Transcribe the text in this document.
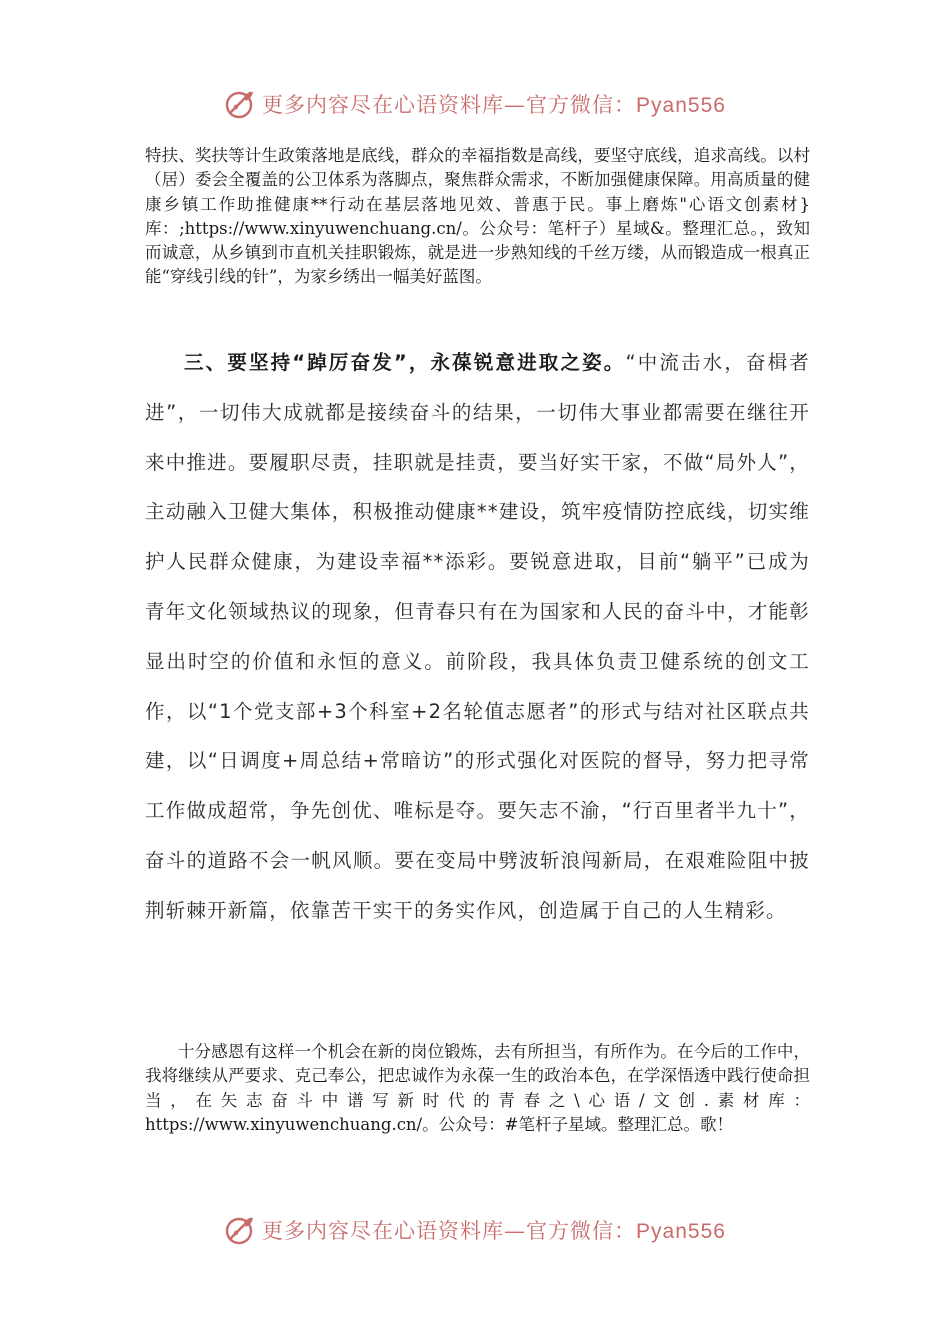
更多内容尽在心语资料库—官方微信：Pyan556

特扶、奖扶等计生政策落地是底线，群众的幸福指数是高线，要坚守底线，追求高线。以村（居）委会全覆盖的公卫体系为落脚点，聚焦群众需求，不断加强健康保障。用高质量的健康乡镇工作助推健康**行动在基层落地见效、普惠于民。事上磨炼"心语文创素材}库：;https://www.xinyuwenchuang.cn/。公众号：笔杆子）星域&。整理汇总。，致知而诚意，从乡镇到市直机关挂职锻炼，就是进一步熟知线的千丝万缕，从而锻造成一根真正能“穿线引线的针”，为家乡绣出一幅美好蓝图。

三、要坚持“踔厉奋发”，永葆锐意进取之姿。“中流击水，奋楫者进”，一切伟大成就都是接续奋斗的结果，一切伟大事业都需要在继往开来中推进。要履职尽责，挂职就是挂责，要当好实干家，不做“局外人”，主动融入卫健大集体，积极推动健康**建设，筑牢疫情防控底线，切实维护人民群众健康，为建设幸福**添彩。要锐意进取，目前“躺平”已成为青年文化领域热议的现象，但青春只有在为国家和人民的奋斗中，才能彰显出时空的价值和永恒的意义。前阶段，我具体负责卫健系统的创文工作，以“1个党支部+3个科室+2名轮值志愿者”的形式与结对社区联点共建，以“日调度+周总结+常暗访”的形式强化对医院的督导，努力把寻常工作做成超常，争先创优、唯标是夺。要矢志不渝，“行百里者半九十”，奋斗的道路不会一帆风顺。要在变局中劈波斩浪闯新局，在艰难险阻中披荆斩棘开新篇，依靠苦干实干的务实作风，创造属于自己的人生精彩。

十分感恩有这样一个机会在新的岗位锻炼，去有所担当，有所作为。在今后的工作中，我将继续从严要求、克己奉公，把忠诚作为永葆一生的政治本色，在学深悟透中践行使命担当，在矢志奋斗中谱写新时代的青春之\心语/文创.素材库：https://www.xinyuwenchuang.cn/。公众号：#笔杆子星域。整理汇总。歌！

更多内容尽在心语资料库—官方微信：Pyan556
